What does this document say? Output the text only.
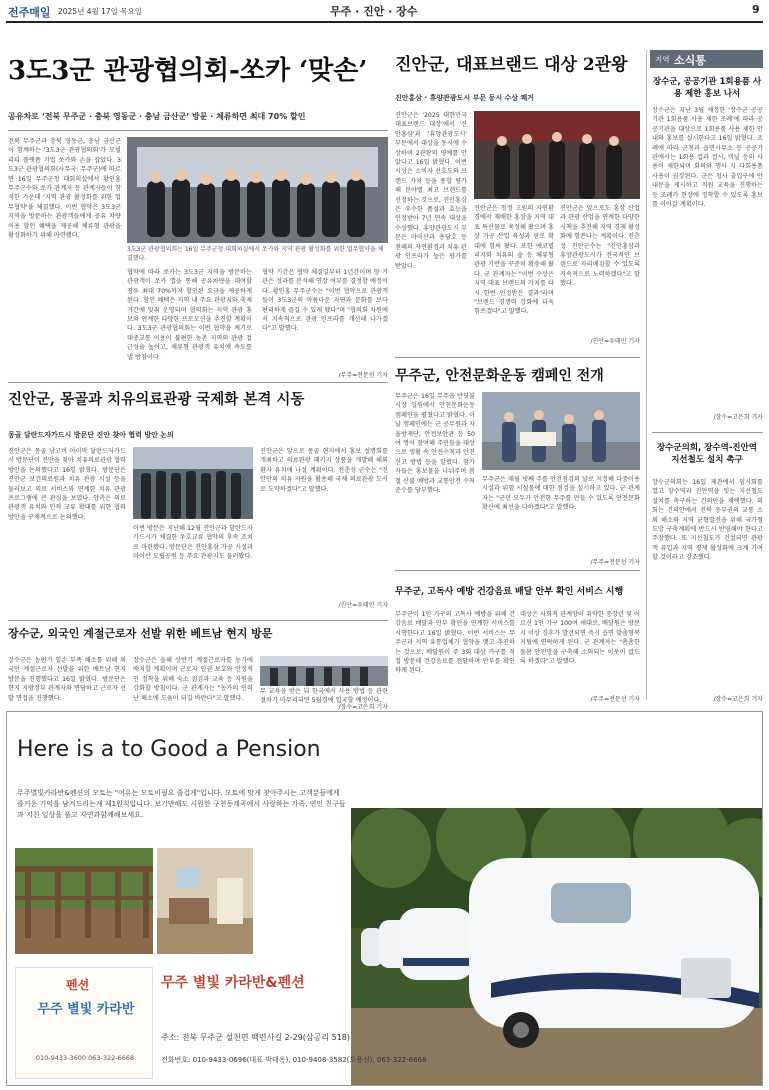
전주매일 2025년 4월 17일 목요일	무주 · 진안 · 장수	9
3도3군 관광협의회-쏘카 ‘맞손’
공유차로 ‘전북 무주군 · 충북 영동군 · 충남 금산군’ 방문 · 체류하면 최대 70% 할인
전북 무주군과 충북 영동군, 충남 금산군이 함께하는 '3도3군 관광협의회'가 모빌리티 플랫폼 기업 쏘카와 손을 잡았다. 3도3군 관광협의회(사무국: 무주군)에 따르면 16일 무주군청 대회의실에서 황인홍 무주군수와 쏘카 관계자 등 관계자들이 참석한 가운데 '지역 관광 활성화를 위한 업무협약'을 체결했다. 이번 협약은 3도3군 지역을 방문하는 관광객들에게 공유 차량 이용 할인 혜택을 제공해 체류형 관광을 활성화하기 위해 마련됐다.
3도3군 관광협의회는 16일 무주군청 대회의실에서 쏘카와 지역 관광 활성화를 위한 업무협약을 체결했다.
협약에 따라 쏘카는 3도3군 지역을 방문하는 관광객이 쏘카 앱을 통해 공유차량을 대여할 경우 최대 70%까지 할인된 요금을 제공하게 된다. 할인 혜택은 지역 내 주요 관광지와 축제 기간에 맞춰 운영되며 협의회는 지역 관광 홍보와 연계한 다양한 프로모션을 추진할 계획이다. 3도3군 관광협의회는 이번 협약을 계기로 대중교통 이용이 불편한 농촌 지역의 관광 접근성을 높이고, 체류형 관광객 유치에 속도를 낼 방침이다.
협약 기간은 협약 체결일부터 1년간이며 양 기관은 성과를 분석해 연장 여부를 결정할 예정이다. 황인홍 무주군수는 "이번 협약으로 관광객들이 3도3군의 아름다운 자연과 문화를 보다 편리하게 즐길 수 있게 됐다"며 "협의회 차원에서 지속적으로 관광 인프라를 개선해 나가겠다"고 말했다.
/무주=전문선 기자
진안군, 대표브랜드 대상 2관왕
진안홍삼 · 휴양관광도시 부문 동시 수상 쾌거
진안군은 '2025 대한민국 대표브랜드 대상'에서 '진안홍삼'과 '휴양관광도시' 부문에서 대상을 동시에 수상하며 2관왕의 영예를 안았다고 16일 밝혔다. 이번 시상은 소비자 선호도와 브랜드 가치 등을 종합 평가해 분야별 최고 브랜드를 선정하는 것으로, 진안홍삼은 우수한 품질과 효능을 인정받아 7년 연속 대상을 수상했다. 휴양관광도시 부문은 마이산과 용담호 등 천혜의 자연환경과 치유 관광 인프라가 높은 평가를 받았다.
진안군은 청정 고원의 자연환경에서 재배한 홍삼을 지역 대표 특산물로 육성해 왔으며 홍삼 가공 산업 육성과 판로 확대에 힘써 왔다. 또한 에코빌리지와 치유의 숲 등 체류형 관광 기반을 꾸준히 확충해 왔다. 군 관계자는 "이번 수상은 지역 대표 브랜드의 가치를 다시 한번 인정받은 결과"라며 "브랜드 경쟁력 강화에 더욱 힘쓰겠다"고 말했다.
진안군은 앞으로도 홍삼 산업과 관광 산업을 연계한 다양한 시책을 추진해 지역 경제 활성화에 힘쓴다는 계획이다. 전춘성 진안군수는 "진안홍삼과 휴양관광도시가 전국적인 브랜드로 자리매김할 수 있도록 지속적으로 노력하겠다"고 말했다.
/진안=우태민 기자
무주군, 안전문화운동 캠페인 전개
무주군은 16일 무주읍 반딧불시장 일원에서 안전문화운동 캠페인을 펼쳤다고 밝혔다. 이날 캠페인에는 군 공무원과 자율방재단, 안전보안관 등 50여 명이 참여해 주민들을 대상으로 생활 속 안전수칙과 안전신고 방법 등을 알렸다. 참가자들은 홍보물을 나눠주며 봄철 산불 예방과 교통안전 수칙 준수를 당부했다.
무주군은 매월 넷째 주를 안전점검의 날로 지정해 다중이용시설과 위험 시설물에 대한 점검을 실시하고 있다. 군 관계자는 "군민 모두가 안전한 무주를 만들 수 있도록 안전문화 확산에 최선을 다하겠다"고 말했다.
/무주=전문선 기자
진안군, 몽골과 치유의료관광 국제화 본격 시동
몽골 달란드자가드시 방문단 진안 찾아 협력 방안 논의
진안군은 몽골 남고비 아이막 달란드자가드시 방문단이 진안을 찾아 치유의료관광 협력 방안을 논의했다고 16일 밝혔다. 방문단은 진안군 보건의료원과 치유 관광 시설 등을 둘러보고 의료 서비스와 연계한 치유 관광 프로그램에 큰 관심을 보였다. 양측은 의료관광객 유치와 인적 교류 확대를 위한 협력 방안을 구체적으로 논의했다.
이번 방문은 지난해 12월 진안군과 달란드자가드시가 체결한 우호교류 협약의 후속 조치로 마련됐다. 방문단은 진안홍삼 가공 시설과 마이산 도립공원 등 주요 관광지도 둘러봤다.
진안군은 앞으로 몽골 현지에서 홍보 설명회를 개최하고 의료관광 패키지 상품을 개발해 해외 환자 유치에 나설 계획이다. 전춘성 군수는 "진안만의 치유 자원을 활용해 국제 의료관광 도시로 도약하겠다"고 말했다.
/진안=우태민 기자
무주군, 고독사 예방 건강음료 배달 안부 확인 서비스 시행
무주군이 1인 가구의 고독사 예방을 위해 건강음료 배달과 안부 확인을 연계한 서비스를 시행한다고 16일 밝혔다. 이번 서비스는 무주군과 지역 유통업체가 협약을 맺고 추진하는 것으로, 배달원이 주 3회 대상 가구를 직접 방문해 건강음료를 전달하며 안부를 확인하게 된다.
대상은 사회적 관계망이 취약한 중장년 및 어르신 1인 가구 100여 세대로, 배달원은 방문 시 이상 징후가 발견되면 즉시 읍면 맞춤형복지팀에 연락하게 된다. 군 관계자는 "촘촘한 돌봄 안전망을 구축해 소외되는 이웃이 없도록 하겠다"고 말했다.
/무주=전문선 기자
장수군, 외국인 계절근로자 선발 위한 베트남 현지 방문
장수군은 농번기 일손 부족 해소를 위해 외국인 계절근로자 선발을 위한 베트남 현지 방문을 진행했다고 16일 밝혔다. 방문단은 현지 지방정부 관계자와 면담하고 근로자 선발 면접을 진행했다.
장수군은 올해 상반기 계절근로자를 농가에 배치할 계획이며 근로자 인권 보호와 안정적인 정착을 위해 숙소 점검과 교육 등 지원을 강화할 방침이다. 군 관계자는 "농가의 인력난 해소에 도움이 되길 바란다"고 말했다.
무 교육을 받은 뒤 한국에서 사용 방법 등 관련 절차가 마무리되면 5월경에 입국할 예정이다.
/장수=고은희 기자
지역 소식통
장수군, 공공기관 1회용품 사용 제한 홍보 나서
장수군은 지난 3월 제정한 '장수군 공공기관 1회용품 사용 제한 조례'에 따라 공공기관을 대상으로 1회용품 사용 제한 안내와 홍보를 실시한다고 16일 밝혔다. 조례에 따라 군청과 읍면사무소 등 공공기관에서는 1회용 컵과 접시, 비닐 등의 사용이 제한되며 회의와 행사 시 다회용품 사용이 권장된다. 군은 청사 출입구에 안내문을 게시하고 직원 교육을 진행하는 등 조례가 현장에 정착할 수 있도록 홍보를 이어갈 계획이다.
/장수=고은희 기자
장수군의회, 장수역-진안역 지선철도 설치 촉구
장수군의회는 16일 제관에서 임시회를 열고 장수역과 진안역을 잇는 지선철도 설치를 촉구하는 건의안을 채택했다. 의회는 건의안에서 전북 동부권의 교통 소외 해소와 지역 균형발전을 위해 국가철도망 구축계획에 반드시 반영해야 한다고 주장했다. 또 지선철도가 건설되면 관광객 유입과 지역 경제 활성화에 크게 기여할 것이라고 강조했다.
/장수=고은희 기자
Here is a to Good a Pension
무주별빛카라반&펜션의 모토는 "여유는 모토이필요 즐겁게"입니다. 모토에 맞게 찾아주시는 고객분들에게 즐거운 기억을 남겨드리는게 제1원칙입니다. 보기만해도 시원한 구천동계곡에서 사랑하는 가족, 연인 친구들과 지친 일상을 풀고 자연과함께해보세요.
펜션
무주 별빛 카라반
010-9433-3600 063-322-6668
무주 별빛 카라반&펜션
주소: 전북 무주군 설천면 백련사길 2-29(삼공리 518)
전화번호: 010-9433-0696(대표 박태옥), 010-9408-3582(오용선), 063-322-6668
